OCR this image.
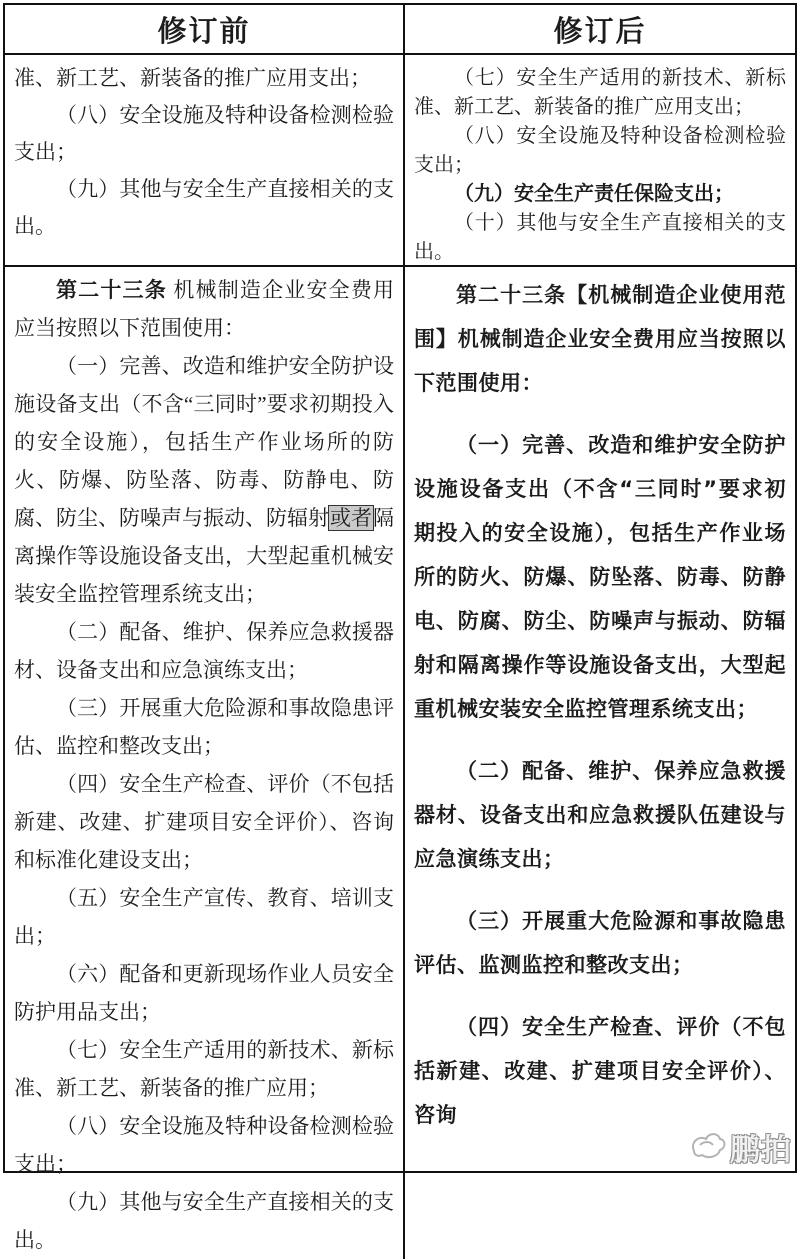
修订前	修订后

准、新工艺、新装备的推广应用支出；

（八）安全设施及特种设备检测检验支出；

（九）其他与安全生产直接相关的支出。

（七）安全生产适用的新技术、新标准、新工艺、新装备的推广应用支出；

（八）安全设施及特种设备检测检验支出；

（九）安全生产责任保险支出；

（十）其他与安全生产直接相关的支出。

第二十三条 机械制造企业安全费用应当按照以下范围使用：

（一）完善、改造和维护安全防护设施设备支出（不含“三同时”要求初期投入的安全设施），包括生产作业场所的防火、防爆、防坠落、防毒、防静电、防腐、防尘、防噪声与振动、防辐射或者隔离操作等设施设备支出，大型起重机械安装安全监控管理系统支出；

（二）配备、维护、保养应急救援器材、设备支出和应急演练支出；

（三）开展重大危险源和事故隐患评估、监控和整改支出；

（四）安全生产检查、评价（不包括新建、改建、扩建项目安全评价）、咨询和标准化建设支出；

（五）安全生产宣传、教育、培训支出；

（六）配备和更新现场作业人员安全防护用品支出；

（七）安全生产适用的新技术、新标准、新工艺、新装备的推广应用；

（八）安全设施及特种设备检测检验支出；

（九）其他与安全生产直接相关的支出。

第二十三条【机械制造企业使用范围】机械制造企业安全费用应当按照以下范围使用：

（一）完善、改造和维护安全防护设施设备支出（不含“三同时”要求初期投入的安全设施），包括生产作业场所的防火、防爆、防坠落、防毒、防静电、防腐、防尘、防噪声与振动、防辐射和隔离操作等设施设备支出，大型起重机械安装安全监控管理系统支出；

（二）配备、维护、保养应急救援器材、设备支出和应急救援队伍建设与应急演练支出；

（三）开展重大危险源和事故隐患评估、监测监控和整改支出；

（四）安全生产检查、评价（不包括新建、改建、扩建项目安全评价）、咨询

鹏拍
